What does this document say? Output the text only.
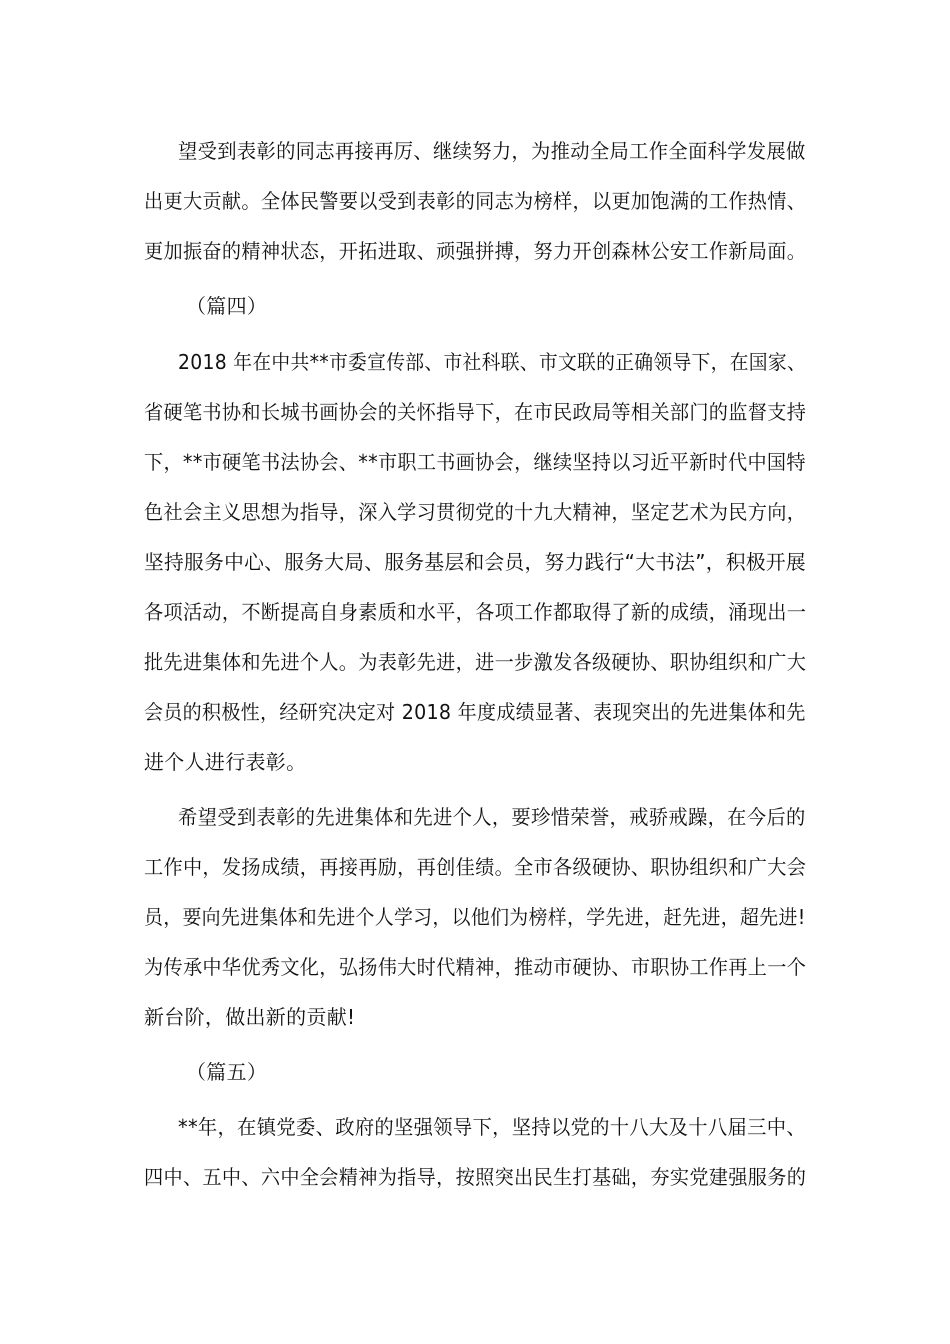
望受到表彰的同志再接再厉、继续努力，为推动全局工作全面科学发展做
出更大贡献。全体民警要以受到表彰的同志为榜样，以更加饱满的工作热情、
更加振奋的精神状态，开拓进取、顽强拼搏，努力开创森林公安工作新局面。
（篇四）
2018 年在中共**市委宣传部、市社科联、市文联的正确领导下，在国家、
省硬笔书协和长城书画协会的关怀指导下，在市民政局等相关部门的监督支持
下，**市硬笔书法协会、**市职工书画协会，继续坚持以习近平新时代中国特
色社会主义思想为指导，深入学习贯彻党的十九大精神，坚定艺术为民方向，
坚持服务中心、服务大局、服务基层和会员，努力践行“大书法”，积极开展
各项活动，不断提高自身素质和水平，各项工作都取得了新的成绩，涌现出一
批先进集体和先进个人。为表彰先进，进一步激发各级硬协、职协组织和广大
会员的积极性，经研究决定对 2018 年度成绩显著、表现突出的先进集体和先
进个人进行表彰。
希望受到表彰的先进集体和先进个人，要珍惜荣誉，戒骄戒躁，在今后的
工作中，发扬成绩，再接再励，再创佳绩。全市各级硬协、职协组织和广大会
员，要向先进集体和先进个人学习，以他们为榜样，学先进，赶先进，超先进!
为传承中华优秀文化，弘扬伟大时代精神，推动市硬协、市职协工作再上一个
新台阶，做出新的贡献!
（篇五）
**年，在镇党委、政府的坚强领导下，坚持以党的十八大及十八届三中、
四中、五中、六中全会精神为指导，按照突出民生打基础，夯实党建强服务的
